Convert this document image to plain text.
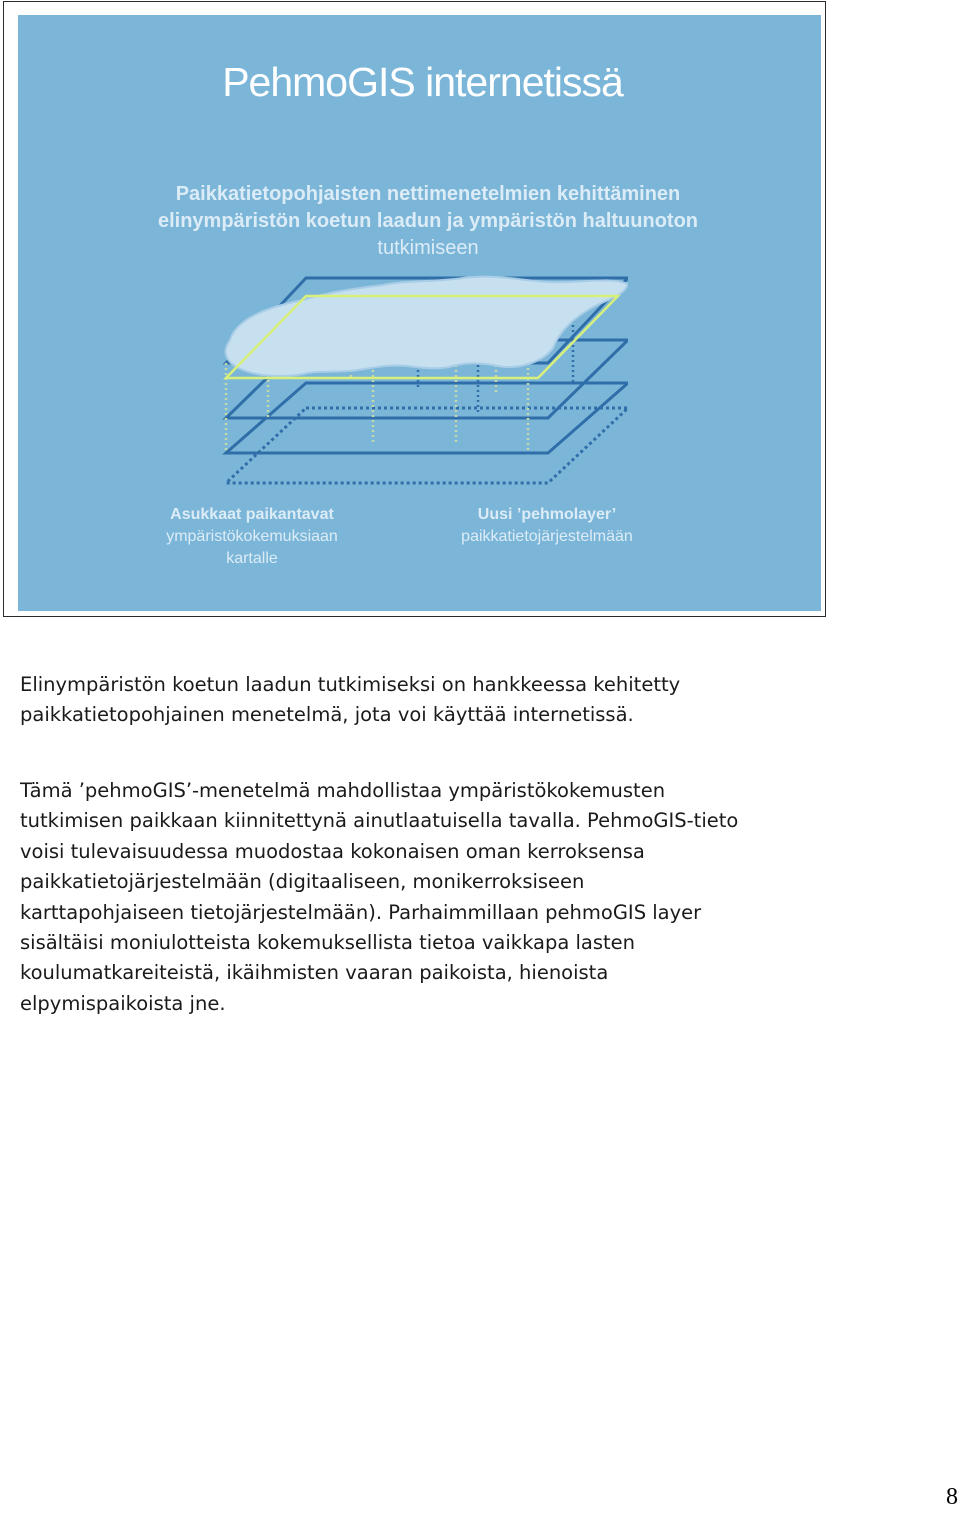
PehmoGIS internetissä
Paikkatietopohjaisten nettimenetelmien kehittäminen
elinympäristön koetun laadun ja ympäristön haltuunoton
tutkimiseen
Asukkaat paikantavat
ympäristökokemuksiaan
kartalle
Uusi ’pehmolayer’
paikkatietojärjestelmään
Elinympäristön koetun laadun tutkimiseksi on hankkeessa kehitetty
paikkatietopohjainen menetelmä, jota voi käyttää internetissä.
Tämä ’pehmoGIS’-menetelmä mahdollistaa ympäristökokemusten
tutkimisen paikkaan kiinnitettynä ainutlaatuisella tavalla. PehmoGIS-tieto
voisi tulevaisuudessa muodostaa kokonaisen oman kerroksensa
paikkatietojärjestelmään (digitaaliseen, monikerroksiseen
karttapohjaiseen tietojärjestelmään). Parhaimmillaan pehmoGIS layer
sisältäisi moniulotteista kokemuksellista tietoa vaikkapa lasten
koulumatkareiteistä, ikäihmisten vaaran paikoista, hienoista
elpymispaikoista jne.
8
